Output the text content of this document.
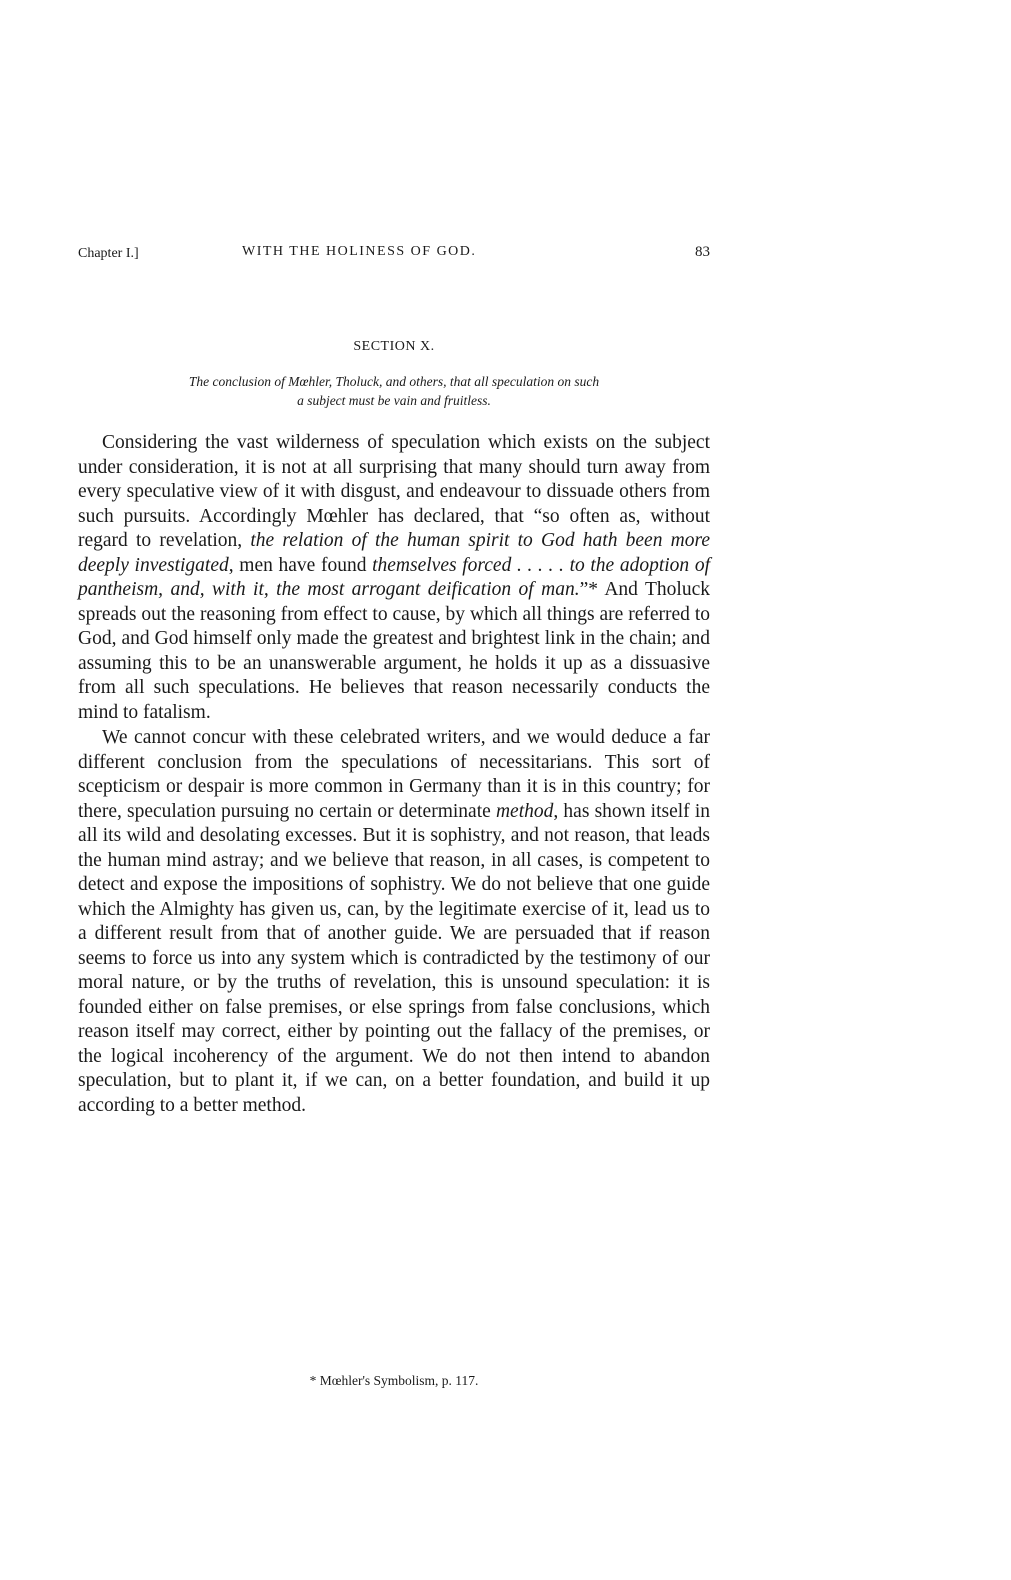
Chapter I.]	WITH THE HOLINESS OF GOD.	83
SECTION X.
The conclusion of Mœhler, Tholuck, and others, that all speculation on such
a subject must be vain and fruitless.

Considering the vast wilderness of speculation which exists on the subject under consideration, it is not at all surprising that many should turn away from every speculative view of it with disgust, and endeavour to dissuade others from such pursuits. Accordingly Mœhler has declared, that “so often as, without regard to revelation, the relation of the human spirit to God hath been more deeply investigated, men have found themselves forced . . . . . to the adoption of pantheism, and, with it, the most arrogant deification of man.”* And Tholuck spreads out the reasoning from effect to cause, by which all things are referred to God, and God himself only made the greatest and brightest link in the chain; and assuming this to be an unanswerable argument, he holds it up as a dissuasive from all such speculations. He believes that reason necessarily conducts the mind to fatalism.

We cannot concur with these celebrated writers, and we would deduce a far different conclusion from the speculations of necessitarians. This sort of scepticism or despair is more common in Germany than it is in this country; for there, speculation pursuing no certain or determinate method, has shown itself in all its wild and desolating excesses. But it is sophistry, and not reason, that leads the human mind astray; and we believe that reason, in all cases, is competent to detect and expose the impositions of sophistry. We do not believe that one guide which the Almighty has given us, can, by the legitimate exercise of it, lead us to a different result from that of another guide. We are persuaded that if reason seems to force us into any system which is contradicted by the testimony of our moral nature, or by the truths of revelation, this is unsound speculation: it is founded either on false premises, or else springs from false conclusions, which reason itself may correct, either by pointing out the fallacy of the premises, or the logical incoherency of the argument. We do not then intend to abandon speculation, but to plant it, if we can, on a better foundation, and build it up according to a better method.

* Mœhler's Symbolism, p. 117.
